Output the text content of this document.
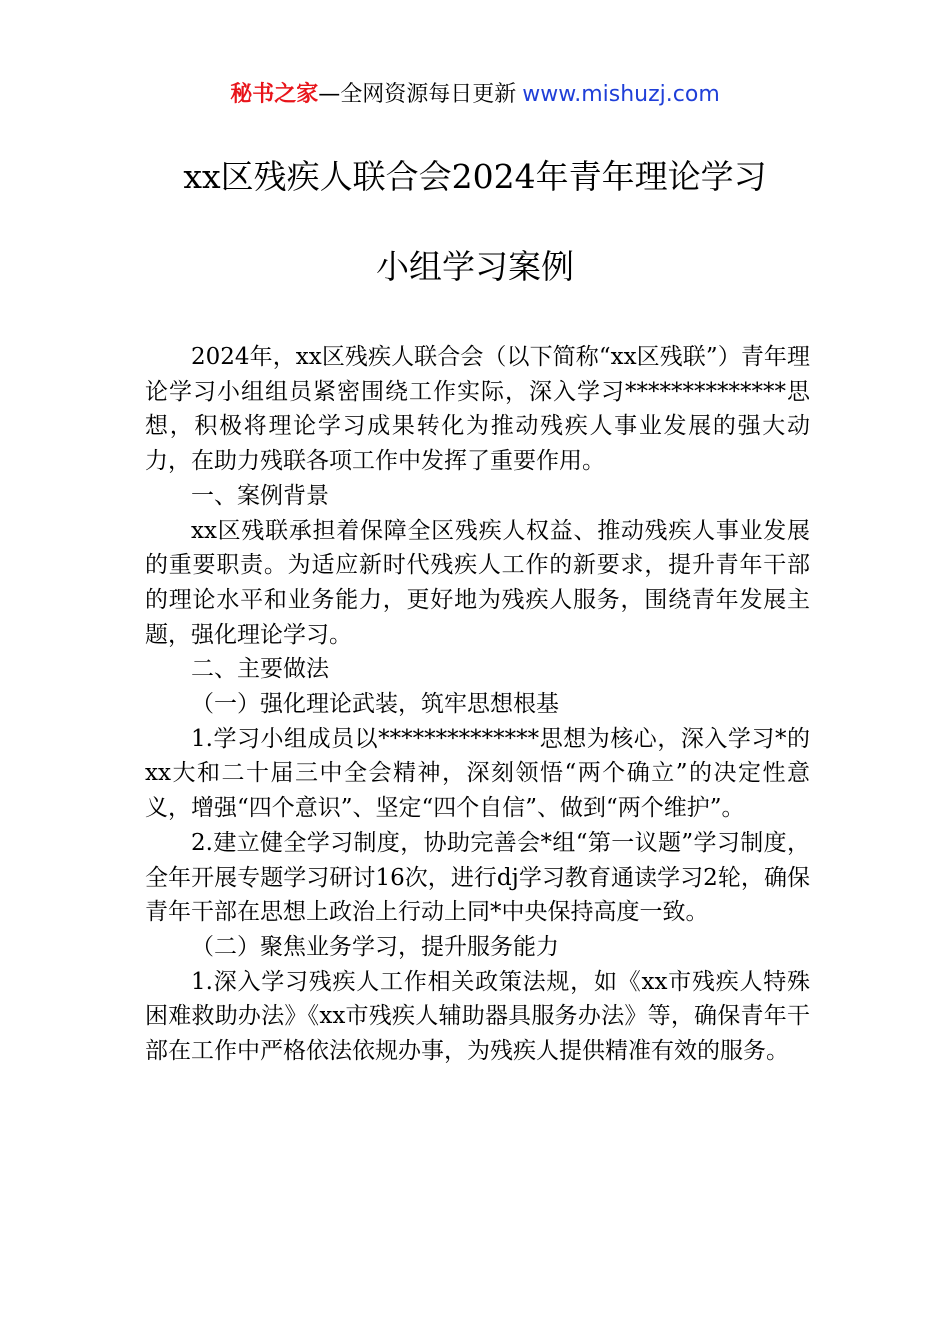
秘书之家—全网资源每日更新 www.mishuzj.com
xx区残疾人联合会2024年青年理论学习
小组学习案例

2024年，xx区残疾人联合会（以下简称“xx区残联”）青年理论学习小组组员紧密围绕工作实际，深入学习**************思想，积极将理论学习成果转化为推动残疾人事业发展的强大动力，在助力残联各项工作中发挥了重要作用。

一、案例背景

xx区残联承担着保障全区残疾人权益、推动残疾人事业发展的重要职责。为适应新时代残疾人工作的新要求，提升青年干部的理论水平和业务能力，更好地为残疾人服务，围绕青年发展主题，强化理论学习。

二、主要做法

（一）强化理论武装，筑牢思想根基

1.学习小组成员以**************思想为核心，深入学习*的xx大和二十届三中全会精神，深刻领悟“两个确立”的决定性意义，增强“四个意识”、坚定“四个自信”、做到“两个维护”。

2.建立健全学习制度，协助完善会*组“第一议题”学习制度，全年开展专题学习研讨16次，进行dj学习教育通读学习2轮，确保青年干部在思想上政治上行动上同*中央保持高度一致。

（二）聚焦业务学习，提升服务能力

1.深入学习残疾人工作相关政策法规，如《xx市残疾人特殊困难救助办法》《xx市残疾人辅助器具服务办法》等，确保青年干部在工作中严格依法依规办事，为残疾人提供精准有效的服务。
